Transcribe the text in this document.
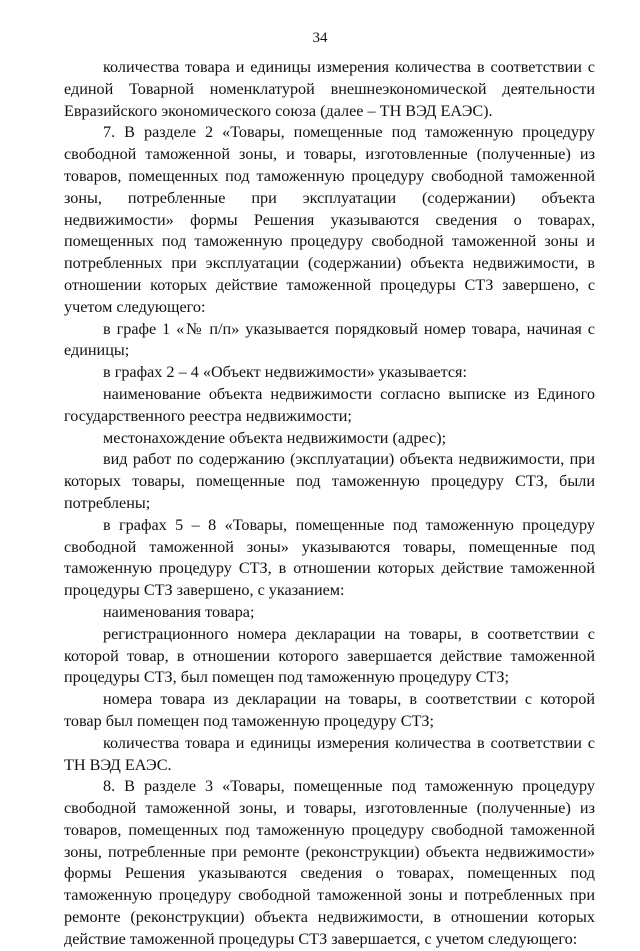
34

количества товара и единицы измерения количества в соответствии с единой Товарной номенклатурой внешнеэкономической деятельности Евразийского экономического союза (далее – ТН ВЭД ЕАЭС).

7. В разделе 2 «Товары, помещенные под таможенную процедуру свободной таможенной зоны, и товары, изготовленные (полученные) из товаров, помещенных под таможенную процедуру свободной таможенной зоны, потребленные при эксплуатации (содержании) объекта недвижимости» формы Решения указываются сведения о товарах, помещенных под таможенную процедуру свободной таможенной зоны и потребленных при эксплуатации (содержании) объекта недвижимости, в отношении которых действие таможенной процедуры СТЗ завершено, с учетом следующего:

в графе 1 «№ п/п» указывается порядковый номер товара, начиная с единицы;

в графах 2 – 4 «Объект недвижимости» указывается:

наименование объекта недвижимости согласно выписке из Единого государственного реестра недвижимости;

местонахождение объекта недвижимости (адрес);

вид работ по содержанию (эксплуатации) объекта недвижимости, при которых товары, помещенные под таможенную процедуру СТЗ, были потреблены;

в графах 5 – 8 «Товары, помещенные под таможенную процедуру свободной таможенной зоны» указываются товары, помещенные под таможенную процедуру СТЗ, в отношении которых действие таможенной процедуры СТЗ завершено, с указанием:

наименования товара;

регистрационного номера декларации на товары, в соответствии с которой товар, в отношении которого завершается действие таможенной процедуры СТЗ, был помещен под таможенную процедуру СТЗ;

номера товара из декларации на товары, в соответствии с которой товар был помещен под таможенную процедуру СТЗ;

количества товара и единицы измерения количества в соответствии с ТН ВЭД ЕАЭС.

8. В разделе 3 «Товары, помещенные под таможенную процедуру свободной таможенной зоны, и товары, изготовленные (полученные) из товаров, помещенных под таможенную процедуру свободной таможенной зоны, потребленные при ремонте (реконструкции) объекта недвижимости» формы Решения указываются сведения о товарах, помещенных под таможенную процедуру свободной таможенной зоны и потребленных при ремонте (реконструкции) объекта недвижимости, в отношении которых действие таможенной процедуры СТЗ завершается, с учетом следующего:
